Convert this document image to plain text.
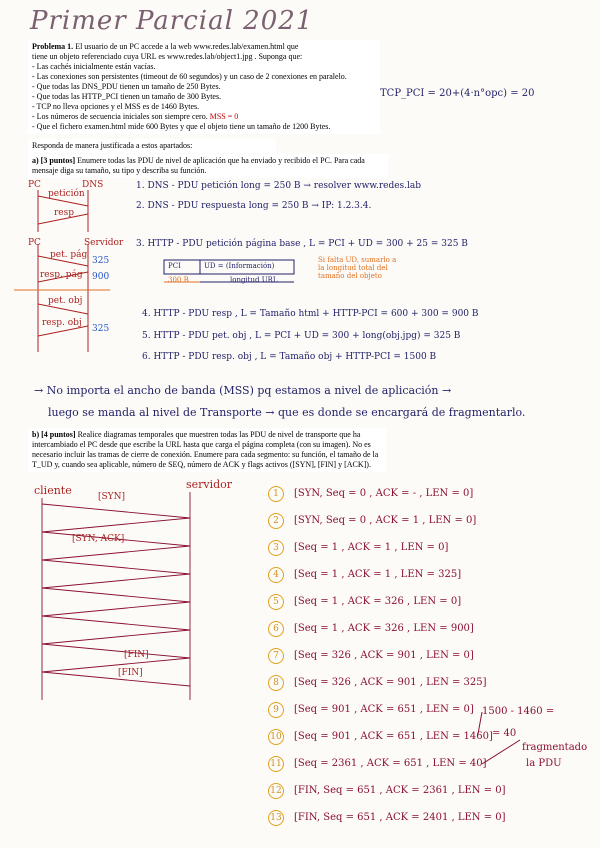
Primer Parcial 2021
Problema 1. El usuario de un PC accede a la web www.redes.lab/examen.html que
tiene un objeto referenciado cuya URL es www.redes.lab/object1.jpg . Suponga que:
- Las cachés inicialmente están vacías.
- Las conexiones son persistentes (timeout de 60 segundos) y un caso de 2 conexiones en paralelo.
- Que todas las DNS_PDU tienen un tamaño de 250 Bytes.
- Que todas las HTTP_PCI tienen un tamaño de 300 Bytes.
- TCP no lleva opciones y el MSS es de 1460 Bytes.
- Los números de secuencia iniciales son siempre cero. MSS = 0
- Que el fichero examen.html mide 600 Bytes y que el objeto tiene un tamaño de 1200 Bytes.
Responda de manera justificada a estos apartados:
TCP_PCI = 20+(4·n°opc) = 20
a) [3 puntos] Enumere todas las PDU de nivel de aplicación que ha enviado y recibido el PC. Para cada mensaje diga su tamaño, su tipo y describa su función.
PC	DNS
petición
resp
PC	Servidor
pet. pág
resp. pág
pet. obj
resp. obj
325
900
325
1. DNS - PDU petición long = 250 B → resolver www.redes.lab
2. DNS - PDU respuesta long = 250 B → IP: 1.2.3.4.
3. HTTP - PDU petición página base , L = PCI + UD = 300 + 25 = 325 B
PCI	UD = (Información)
300 B	longitud URL
Si falta UD, sumarlo a la longitud total del tamaño del objeto
4. HTTP - PDU resp , L = Tamaño html + HTTP-PCI = 600 + 300 = 900 B
5. HTTP - PDU pet. obj , L = PCI + UD = 300 + long(obj.jpg) = 325 B
6. HTTP - PDU resp. obj , L = Tamaño obj + HTTP-PCI = 1500 B
→ No importa el ancho de banda (MSS) pq estamos a nivel de aplicación →
luego se manda al nivel de Transporte → que es donde se encargará de fragmentarlo.
b) [4 puntos] Realice diagramas temporales que muestren todas las PDU de nivel de transporte que ha intercambiado el PC desde que escribe la URL hasta que carga el página completa (con su imagen). No es necesario incluir las tramas de cierre de conexión. Enumere para cada segmento: su función, el tamaño de la T_UD y, cuando sea aplicable, número de SEQ, número de ACK y flags activos ([SYN], [FIN] y [ACK]).
cliente	servidor
[SYN]
[SYN, ACK]
[FIN]
[FIN]
1 [SYN, Seq = 0 , ACK = - , LEN = 0]
2 [SYN, Seq = 0 , ACK = 1 , LEN = 0]
3 [Seq = 1 , ACK = 1 , LEN = 0]
4 [Seq = 1 , ACK = 1 , LEN = 325]
5 [Seq = 1 , ACK = 326 , LEN = 0]
6 [Seq = 1 , ACK = 326 , LEN = 900]
7 [Seq = 326 , ACK = 901 , LEN = 0]
8 [Seq = 326 , ACK = 901 , LEN = 325]
9 [Seq = 901 , ACK = 651 , LEN = 0]
10 [Seq = 901 , ACK = 651 , LEN = 1460]
11 [Seq = 2361 , ACK = 651 , LEN = 40]
12 [FIN, Seq = 651 , ACK = 2361 , LEN = 0]
13 [FIN, Seq = 651 , ACK = 2401 , LEN = 0]
1500 - 1460 =
= 40
fragmentado
la PDU
